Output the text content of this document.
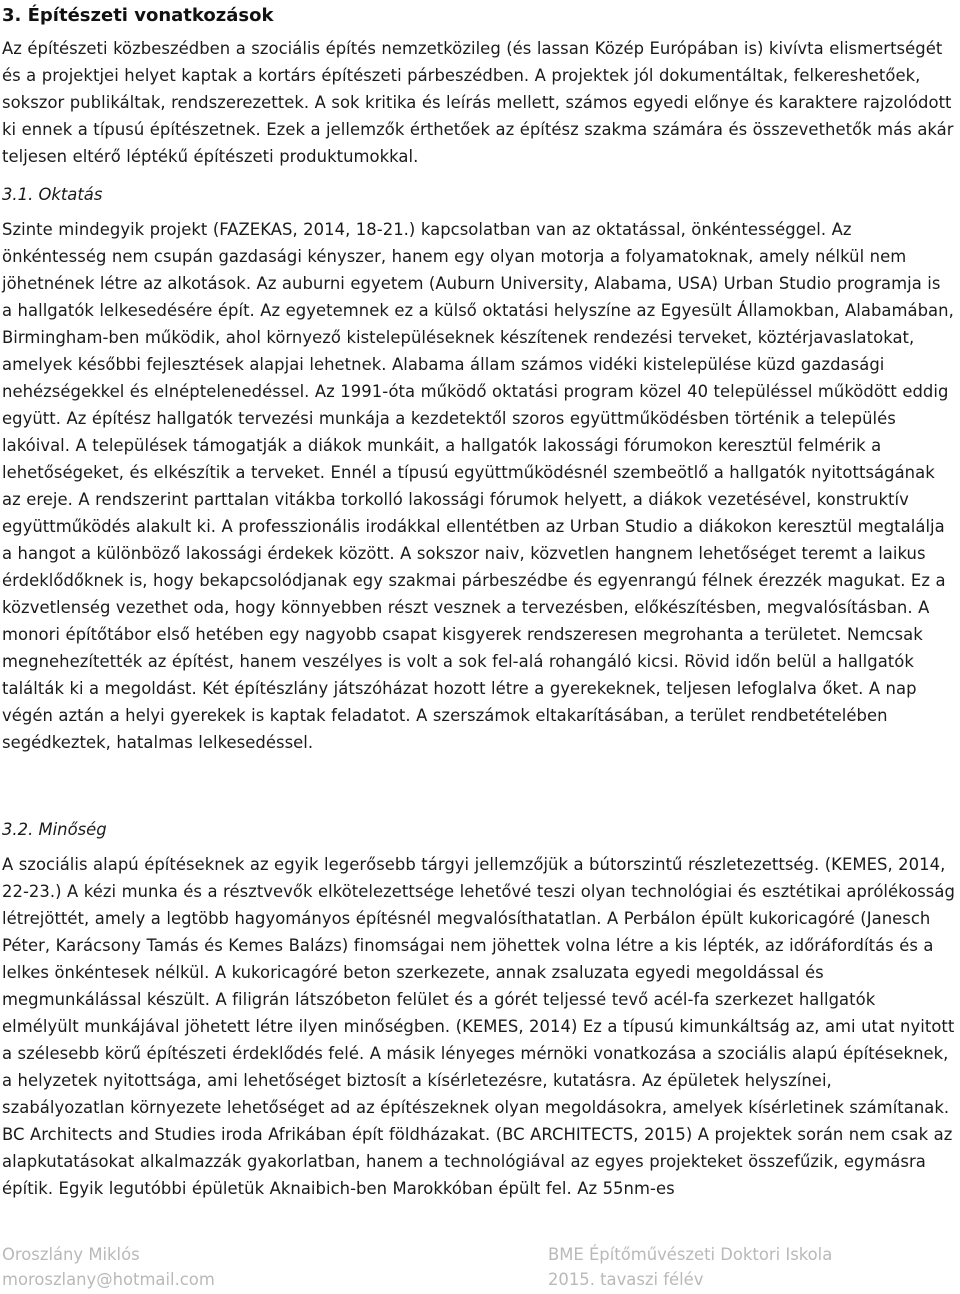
3. Építészeti vonatkozások

Az építészeti közbeszédben a szociális építés nemzetközileg (és lassan Közép Európában is) kivívta elismertségét és a projektjei helyet kaptak a kortárs építészeti párbeszédben. A projektek jól dokumentáltak, felkereshetőek, sokszor publikáltak, rendszerezettek. A sok kritika és leírás mellett, számos egyedi előnye és karaktere rajzolódott ki ennek a típusú építészetnek. Ezek a jellemzők érthetőek az építész szakma számára és összevethetők más akár teljesen eltérő léptékű építészeti produktumokkal.

3.1. Oktatás

Szinte mindegyik projekt (FAZEKAS, 2014, 18-21.) kapcsolatban van az oktatással, önkéntességgel. Az önkéntesség nem csupán gazdasági kényszer, hanem egy olyan motorja a folyamatoknak, amely nélkül nem jöhetnének létre az alkotások. Az auburni egyetem (Auburn University, Alabama, USA) Urban Studio programja is a hallgatók lelkesedésére épít. Az egyetemnek ez a külső oktatási helyszíne az Egyesült Államokban, Alabamában, Birmingham-ben működik, ahol környező kistelepüléseknek készítenek rendezési terveket, köztérjavaslatokat, amelyek későbbi fejlesztések alapjai lehetnek. Alabama állam számos vidéki kistelepülése küzd gazdasági nehézségekkel és elnéptelenedéssel. Az 1991-óta működő oktatási program közel 40 településsel működött eddig együtt. Az építész hallgatók tervezési munkája a kezdetektől szoros együttműködésben történik a település lakóival. A települések támogatják a diákok munkáit, a hallgatók lakossági fórumokon keresztül felmérik a lehetőségeket, és elkészítik a terveket. Ennél a típusú együttműködésnél szembeötlő a hallgatók nyitottságának az ereje. A rendszerint parttalan vitákba torkolló lakossági fórumok helyett, a diákok vezetésével, konstruktív együttműködés alakult ki. A professzionális irodákkal ellentétben az Urban Studio a diákokon keresztül megtalálja a hangot a különböző lakossági érdekek között. A sokszor naiv, közvetlen hangnem lehetőséget teremt a laikus érdeklődőknek is, hogy bekapcsolódjanak egy szakmai párbeszédbe és egyenrangú félnek érezzék magukat. Ez a közvetlenség vezethet oda, hogy könnyebben részt vesznek a tervezésben, előkészítésben, megvalósításban. A monori építőtábor első hetében egy nagyobb csapat kisgyerek rendszeresen megrohanta a területet. Nemcsak megnehezítették az építést, hanem veszélyes is volt a sok fel-alá rohangáló kicsi. Rövid időn belül a hallgatók találták ki a megoldást. Két építészlány játszóházat hozott létre a gyerekeknek, teljesen lefoglalva őket. A nap végén aztán a helyi gyerekek is kaptak feladatot. A szerszámok eltakarításában, a terület rendbetételében segédkeztek, hatalmas lelkesedéssel.

3.2. Minőség

A szociális alapú építéseknek az egyik legerősebb tárgyi jellemzőjük a bútorszintű részletezettség. (KEMES, 2014, 22-23.) A kézi munka és a résztvevők elkötelezettsége lehetővé teszi olyan technológiai és esztétikai aprólékosság létrejöttét, amely a legtöbb hagyományos építésnél megvalósíthatatlan. A Perbálon épült kukoricagóré (Janesch Péter, Karácsony Tamás és Kemes Balázs) finomságai nem jöhettek volna létre a kis lépték, az időráfordítás és a lelkes önkéntesek nélkül. A kukoricagóré beton szerkezete, annak zsaluzata egyedi megoldással és megmunkálással készült. A filigrán látszóbeton felület és a górét teljessé tevő acél-fa szerkezet hallgatók elmélyült munkájával jöhetett létre ilyen minőségben. (KEMES, 2014) Ez a típusú kimunkáltság az, ami utat nyitott a szélesebb körű építészeti érdeklődés felé. A másik lényeges mérnöki vonatkozása a szociális alapú építéseknek, a helyzetek nyitottsága, ami lehetőséget biztosít a kísérletezésre, kutatásra. Az épületek helyszínei, szabályozatlan környezete lehetőséget ad az építészeknek olyan megoldásokra, amelyek kísérletinek számítanak. BC Architects and Studies iroda Afrikában épít földházakat. (BC ARCHITECTS, 2015) A projektek során nem csak az alapkutatásokat alkalmazzák gyakorlatban, hanem a technológiával az egyes projekteket összefűzik, egymásra építik. Egyik legutóbbi épületük Aknaibich-ben Marokkóban épült fel. Az 55nm-es

Oroszlány Miklós
moroszlany@hotmail.com
BME Építőművészeti Doktori Iskola
2015. tavaszi félév
